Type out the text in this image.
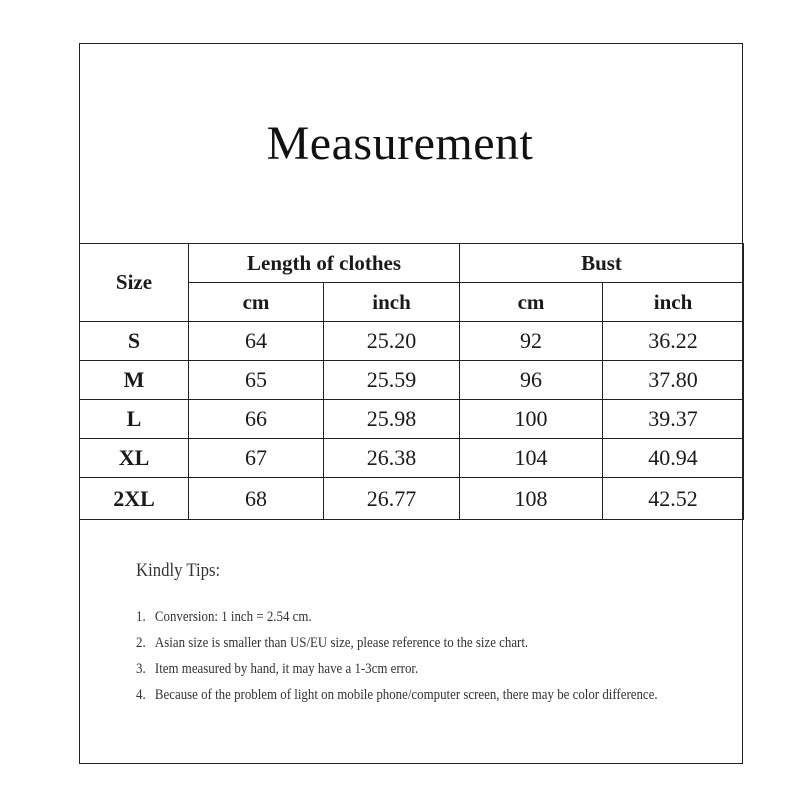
Measurement
Size	Length of clothes		Bust	
	cm	inch	cm	inch
S	64	25.20	92	36.22
M	65	25.59	96	37.80
L	66	25.98	100	39.37
XL	67	26.38	104	40.94
2XL	68	26.77	108	42.52
Kindly Tips:
1. Conversion: 1 inch = 2.54 cm.
2. Asian size is smaller than US/EU size, please reference to the size chart.
3. Item measured by hand, it may have a 1-3cm error.
4. Because of the problem of light on mobile phone/computer screen, there may be color difference.
